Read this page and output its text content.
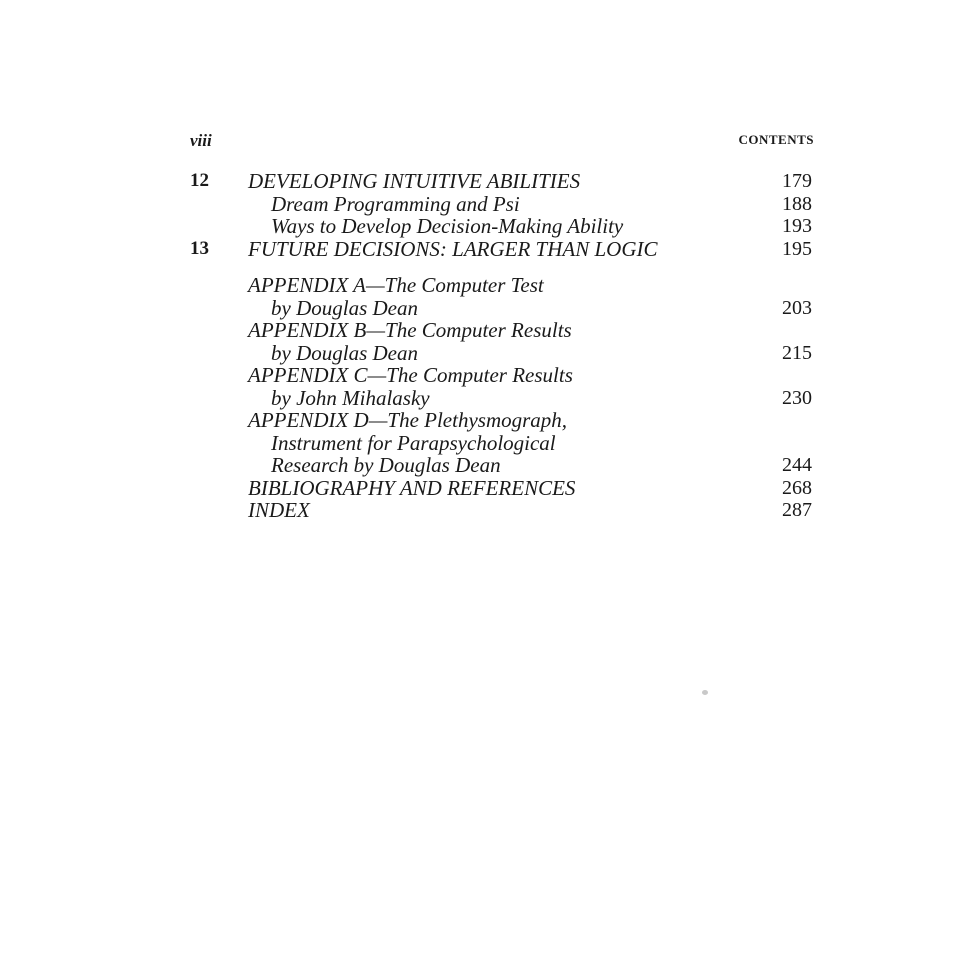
viii	CONTENTS
12 DEVELOPING INTUITIVE ABILITIES	179
Dream Programming and Psi	188
Ways to Develop Decision-Making Ability	193
13 FUTURE DECISIONS: LARGER THAN LOGIC	195
APPENDIX A—The Computer Test
by Douglas Dean	203
APPENDIX B—The Computer Results
by Douglas Dean	215
APPENDIX C—The Computer Results
by John Mihalasky	230
APPENDIX D—The Plethysmograph,
Instrument for Parapsychological
Research by Douglas Dean	244
BIBLIOGRAPHY AND REFERENCES	268
INDEX	287
